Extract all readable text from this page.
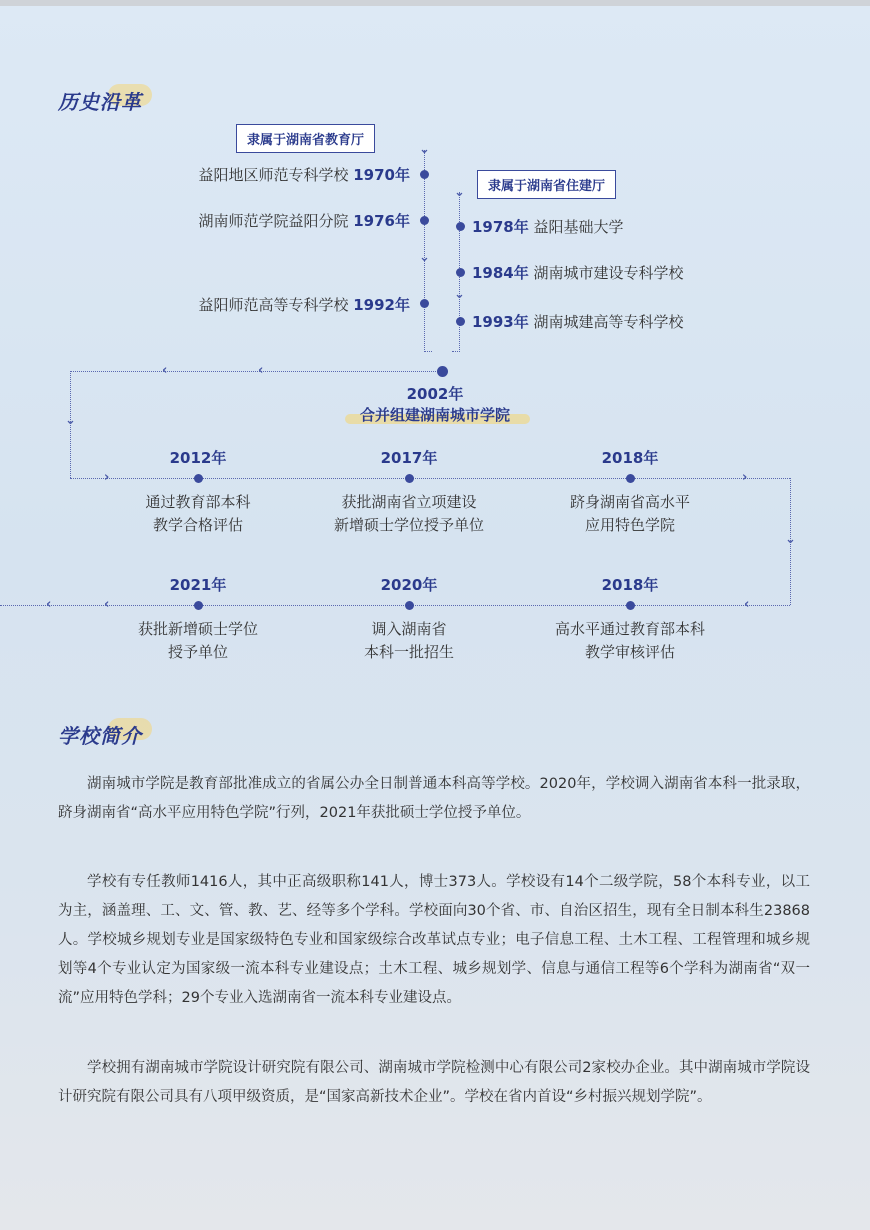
历史沿革
隶属于湖南省教育厅
⌄
⌄
益阳地区师范专科学校 1970年
湖南师范学院益阳分院 1976年
益阳师范高等专科学校 1992年
隶属于湖南省住建厅
⌄
⌄
1978年 益阳基础大学
1984年 湖南城市建设专科学校
1993年 湖南城建高等专科学校
2002年
合并组建湖南城市学院
‹	‹
⌄
›	›
⌄
‹
‹
‹
2012年
通过教育部本科
教学合格评估
2017年
获批湖南省立项建设
新增硕士学位授予单位
2018年
跻身湖南省高水平
应用特色学院
2021年
获批新增硕士学位
授予单位
2020年
调入湖南省
本科一批招生
2018年
高水平通过教育部本科
教学审核评估
学校简介
湖南城市学院是教育部批准成立的省属公办全日制普通本科高等学校。2020年，学校调入湖南省本科一批录取，跻身湖南省“高水平应用特色学院”行列，2021年获批硕士学位授予单位。
学校有专任教师1416人，其中正高级职称141人，博士373人。学校设有14个二级学院，58个本科专业，以工为主，涵盖理、工、文、管、教、艺、经等多个学科。学校面向30个省、市、自治区招生，现有全日制本科生23868人。学校城乡规划专业是国家级特色专业和国家级综合改革试点专业；电子信息工程、土木工程、工程管理和城乡规划等4个专业认定为国家级一流本科专业建设点；土木工程、城乡规划学、信息与通信工程等6个学科为湖南省“双一流”应用特色学科；29个专业入选湖南省一流本科专业建设点。
学校拥有湖南城市学院设计研究院有限公司、湖南城市学院检测中心有限公司2家校办企业。其中湖南城市学院设计研究院有限公司具有八项甲级资质，是“国家高新技术企业”。学校在省内首设“乡村振兴规划学院”。
